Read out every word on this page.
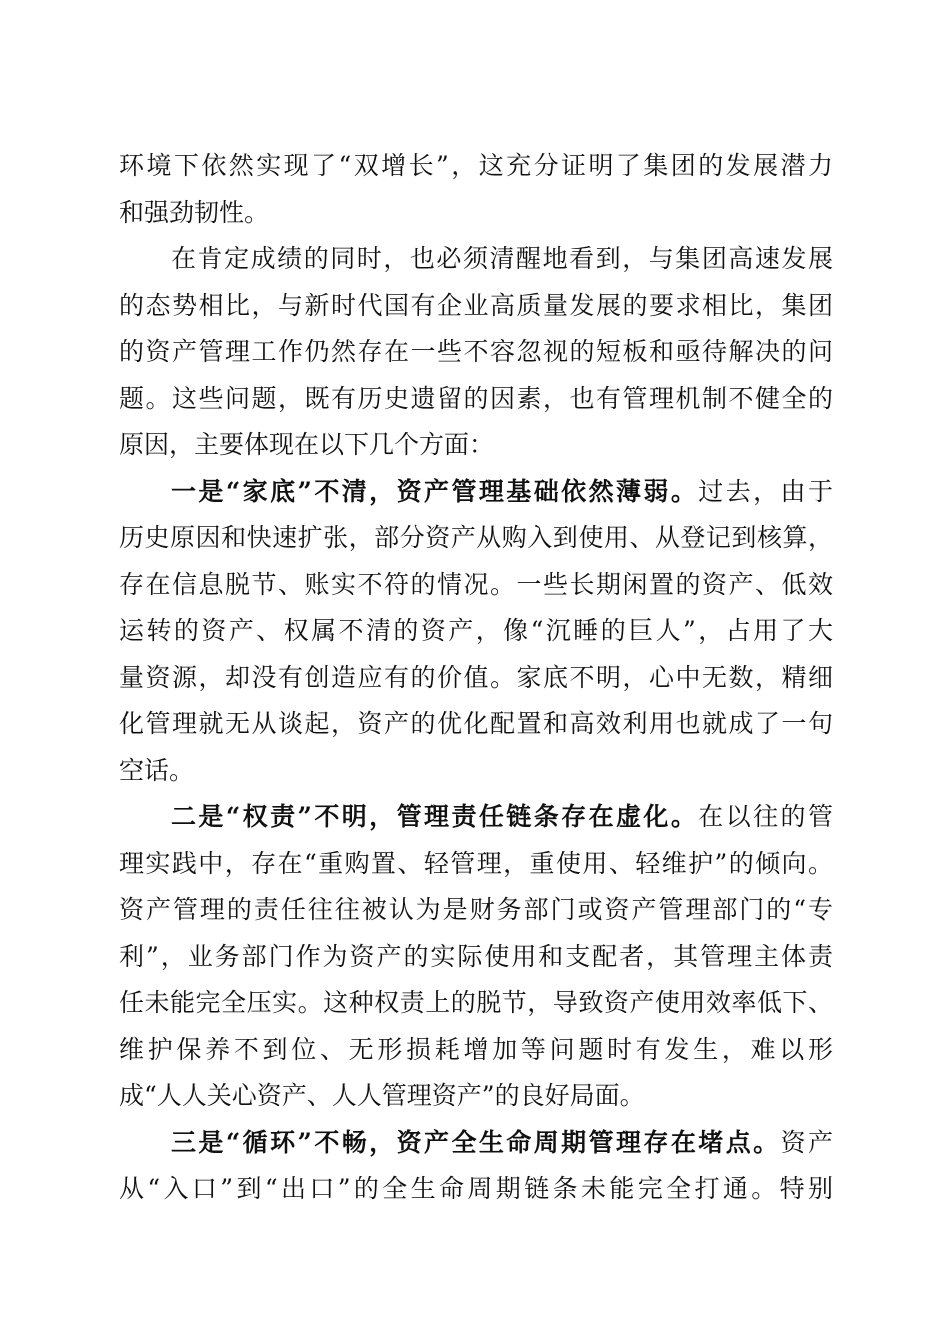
环境下依然实现了“双增长”，这充分证明了集团的发展潜力
和强劲韧性。
在肯定成绩的同时，也必须清醒地看到，与集团高速发展
的态势相比，与新时代国有企业高质量发展的要求相比，集团
的资产管理工作仍然存在一些不容忽视的短板和亟待解决的问
题。这些问题，既有历史遗留的因素，也有管理机制不健全的
原因，主要体现在以下几个方面：
一是“家底”不清，资产管理基础依然薄弱。过去，由于
历史原因和快速扩张，部分资产从购入到使用、从登记到核算，
存在信息脱节、账实不符的情况。一些长期闲置的资产、低效
运转的资产、权属不清的资产，像“沉睡的巨人”，占用了大
量资源，却没有创造应有的价值。家底不明，心中无数，精细
化管理就无从谈起，资产的优化配置和高效利用也就成了一句
空话。
二是“权责”不明，管理责任链条存在虚化。在以往的管
理实践中，存在“重购置、轻管理，重使用、轻维护”的倾向。
资产管理的责任往往被认为是财务部门或资产管理部门的“专
利”，业务部门作为资产的实际使用和支配者，其管理主体责
任未能完全压实。这种权责上的脱节，导致资产使用效率低下、
维护保养不到位、无形损耗增加等问题时有发生，难以形
成“人人关心资产、人人管理资产”的良好局面。
三是“循环”不畅，资产全生命周期管理存在堵点。资产
从“入口”到“出口”的全生命周期链条未能完全打通。特别
